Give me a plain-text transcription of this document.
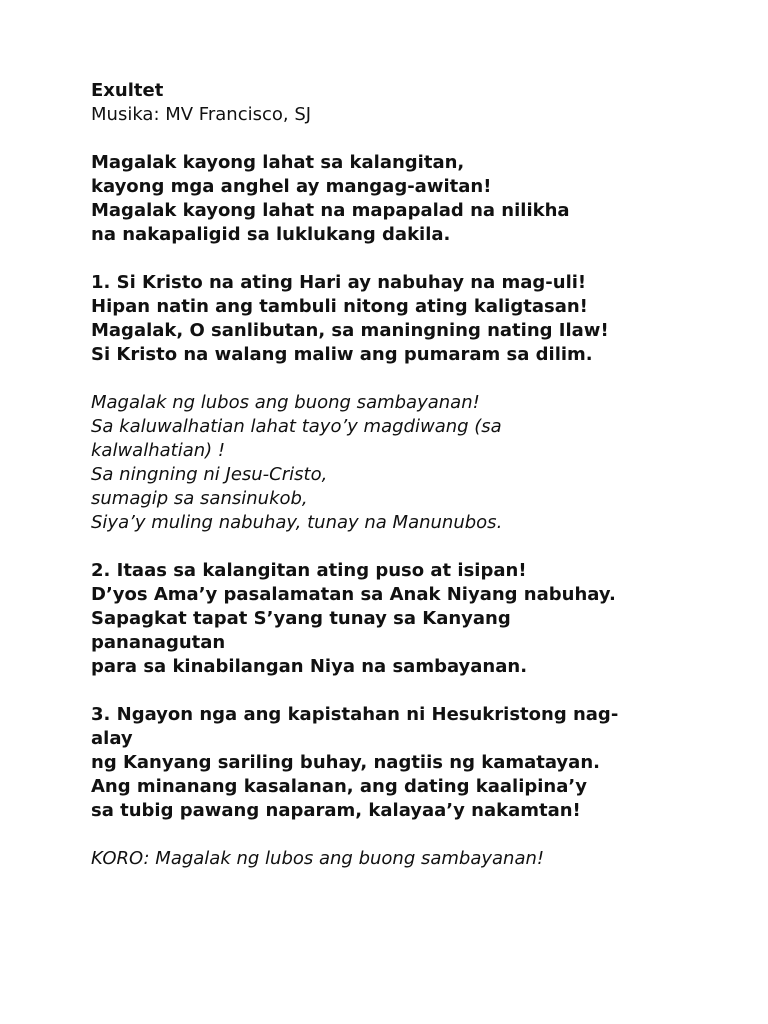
Exultet
Musika: MV Francisco, SJ
Magalak kayong lahat sa kalangitan,
kayong mga anghel ay mangag-awitan!
Magalak kayong lahat na mapapalad na nilikha
na nakapaligid sa luklukang dakila.
1. Si Kristo na ating Hari ay nabuhay na mag-uli!
Hipan natin ang tambuli nitong ating kaligtasan!
Magalak, O sanlibutan, sa maningning nating Ilaw!
Si Kristo na walang maliw ang pumaram sa dilim.
Magalak ng lubos ang buong sambayanan!
Sa kaluwalhatian lahat tayo’y magdiwang (sa
kalwalhatian) !
Sa ningning ni Jesu-Cristo,
sumagip sa sansinukob,
Siya’y muling nabuhay, tunay na Manunubos.
2. Itaas sa kalangitan ating puso at isipan!
D’yos Ama’y pasalamatan sa Anak Niyang nabuhay.
Sapagkat tapat S’yang tunay sa Kanyang
pananagutan
para sa kinabilangan Niya na sambayanan.
3. Ngayon nga ang kapistahan ni Hesukristong nag-
alay
ng Kanyang sariling buhay, nagtiis ng kamatayan.
Ang minanang kasalanan, ang dating kaalipina’y
sa tubig pawang naparam, kalayaa’y nakamtan!
KORO: Magalak ng lubos ang buong sambayanan!
